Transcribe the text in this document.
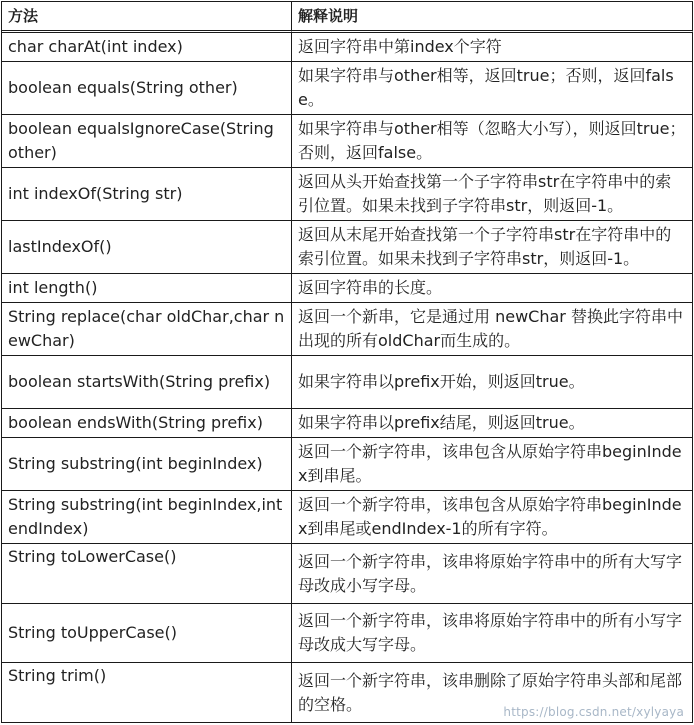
方法	解释说明
char charAt(int index)	返回字符串中第index个字符
boolean equals(String other)	如果字符串与other相等，返回true；否则，返回false。
boolean equalsIgnoreCase(String other)	如果字符串与other相等（忽略大小写），则返回true；否则，返回false。
int indexOf(String str)	返回从头开始查找第一个子字符串str在字符串中的索引位置。如果未找到子字符串str，则返回-1。
lastIndexOf()	返回从末尾开始查找第一个子字符串str在字符串中的索引位置。如果未找到子字符串str，则返回-1。
int length()	返回字符串的长度。
String replace(char oldChar,char newChar)	返回一个新串，它是通过用 newChar 替换此字符串中出现的所有oldChar而生成的。
boolean startsWith(String prefix)	如果字符串以prefix开始，则返回true。
boolean endsWith(String prefix)	如果字符串以prefix结尾，则返回true。
String substring(int beginIndex)	返回一个新字符串，该串包含从原始字符串beginIndex到串尾。
String substring(int beginIndex,int endIndex)	返回一个新字符串，该串包含从原始字符串beginIndex到串尾或endIndex-1的所有字符。
String toLowerCase()	返回一个新字符串，该串将原始字符串中的所有大写字母改成小写字母。
String toUpperCase()	返回一个新字符串，该串将原始字符串中的所有小写字母改成大写字母。
String trim()	返回一个新字符串，该串删除了原始字符串头部和尾部的空格。	https://blog.csdn.net/xylyaya
